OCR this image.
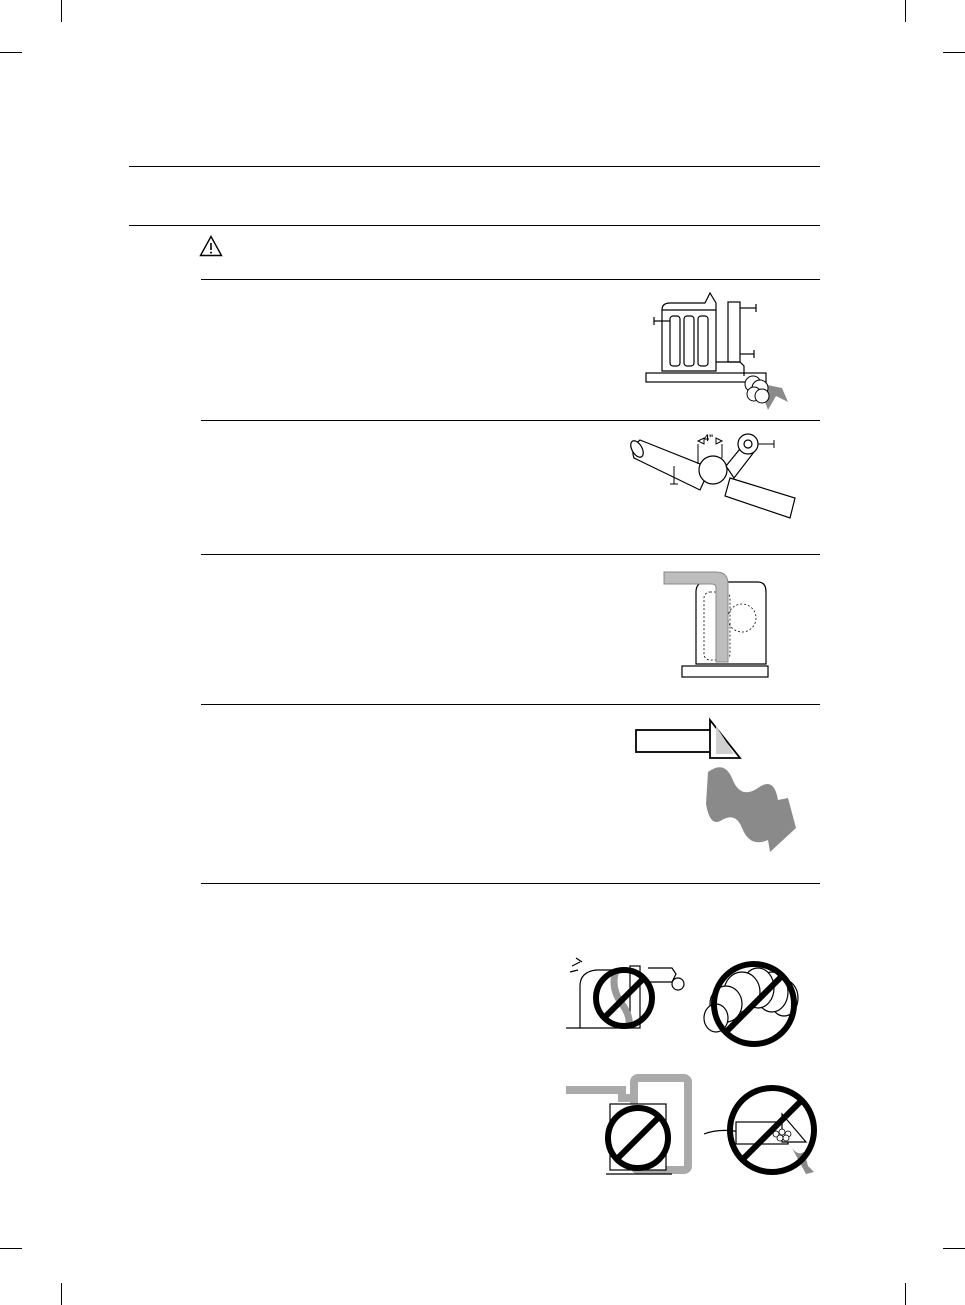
4"
